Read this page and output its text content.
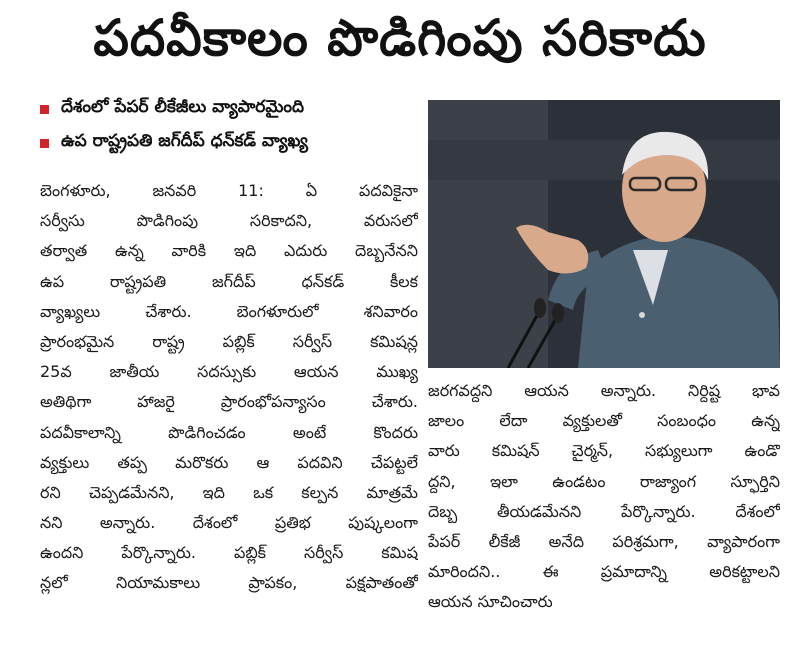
పదవీకాలం పొడిగింపు సరికాదు
దేశంలో పేపర్‌ లీకేజీలు వ్యాపారమైంది
ఉప రాష్ట్రపతి జగ్‌దీప్‌ ధన్‌కడ్‌ వ్యాఖ్య
బెంగళూరు, జనవరి 11: ఏ పదవికైనా
సర్వీసు పొడిగింపు సరికాదని, వరుసలో
తర్వాత ఉన్న వారికి ఇది ఎదురు దెబ్బనేనని
ఉప రాష్ట్రపతి జగ్‌దీప్‌ ధన్‌కడ్‌ కీలక
వ్యాఖ్యలు చేశారు. బెంగళూరులో శనివారం
ప్రారంభమైన రాష్ట్ర పబ్లిక్‌ సర్వీస్‌ కమిషన్ల
25వ జాతీయ సదస్సుకు ఆయన ముఖ్య
అతిథిగా హాజరై ప్రారంభోపన్యాసం చేశారు.
పదవీకాలాన్ని పొడిగించడం అంటే కొందరు
వ్యక్తులు తప్ప మరొకరు ఆ పదవిని చేపట్టలే
రని చెప్పడమేనని, ఇది ఒక కల్పన మాత్రమే
నని అన్నారు. దేశంలో ప్రతిభ పుష్కలంగా
ఉందని పేర్కొన్నారు. పబ్లిక్‌ సర్వీస్‌ కమిష
న్లలో నియామకాలు ప్రాపకం, పక్షపాతంతో
జరగవద్దని ఆయన అన్నారు. నిర్దిష్ట భావ
జాలం లేదా వ్యక్తులతో సంబంధం ఉన్న
వారు కమిషన్‌ చైర్మన్‌, సభ్యులుగా ఉండొ
ద్దని, ఇలా ఉండటం రాజ్యాంగ స్ఫూర్తిని
దెబ్బ తీయడమేనని పేర్కొన్నారు. దేశంలో
పేపర్‌ లీకేజీ అనేది పరిశ్రమగా, వ్యాపారంగా
మారిందని.. ఈ ప్రమాదాన్ని అరికట్టాలని
ఆయన సూచించారు
